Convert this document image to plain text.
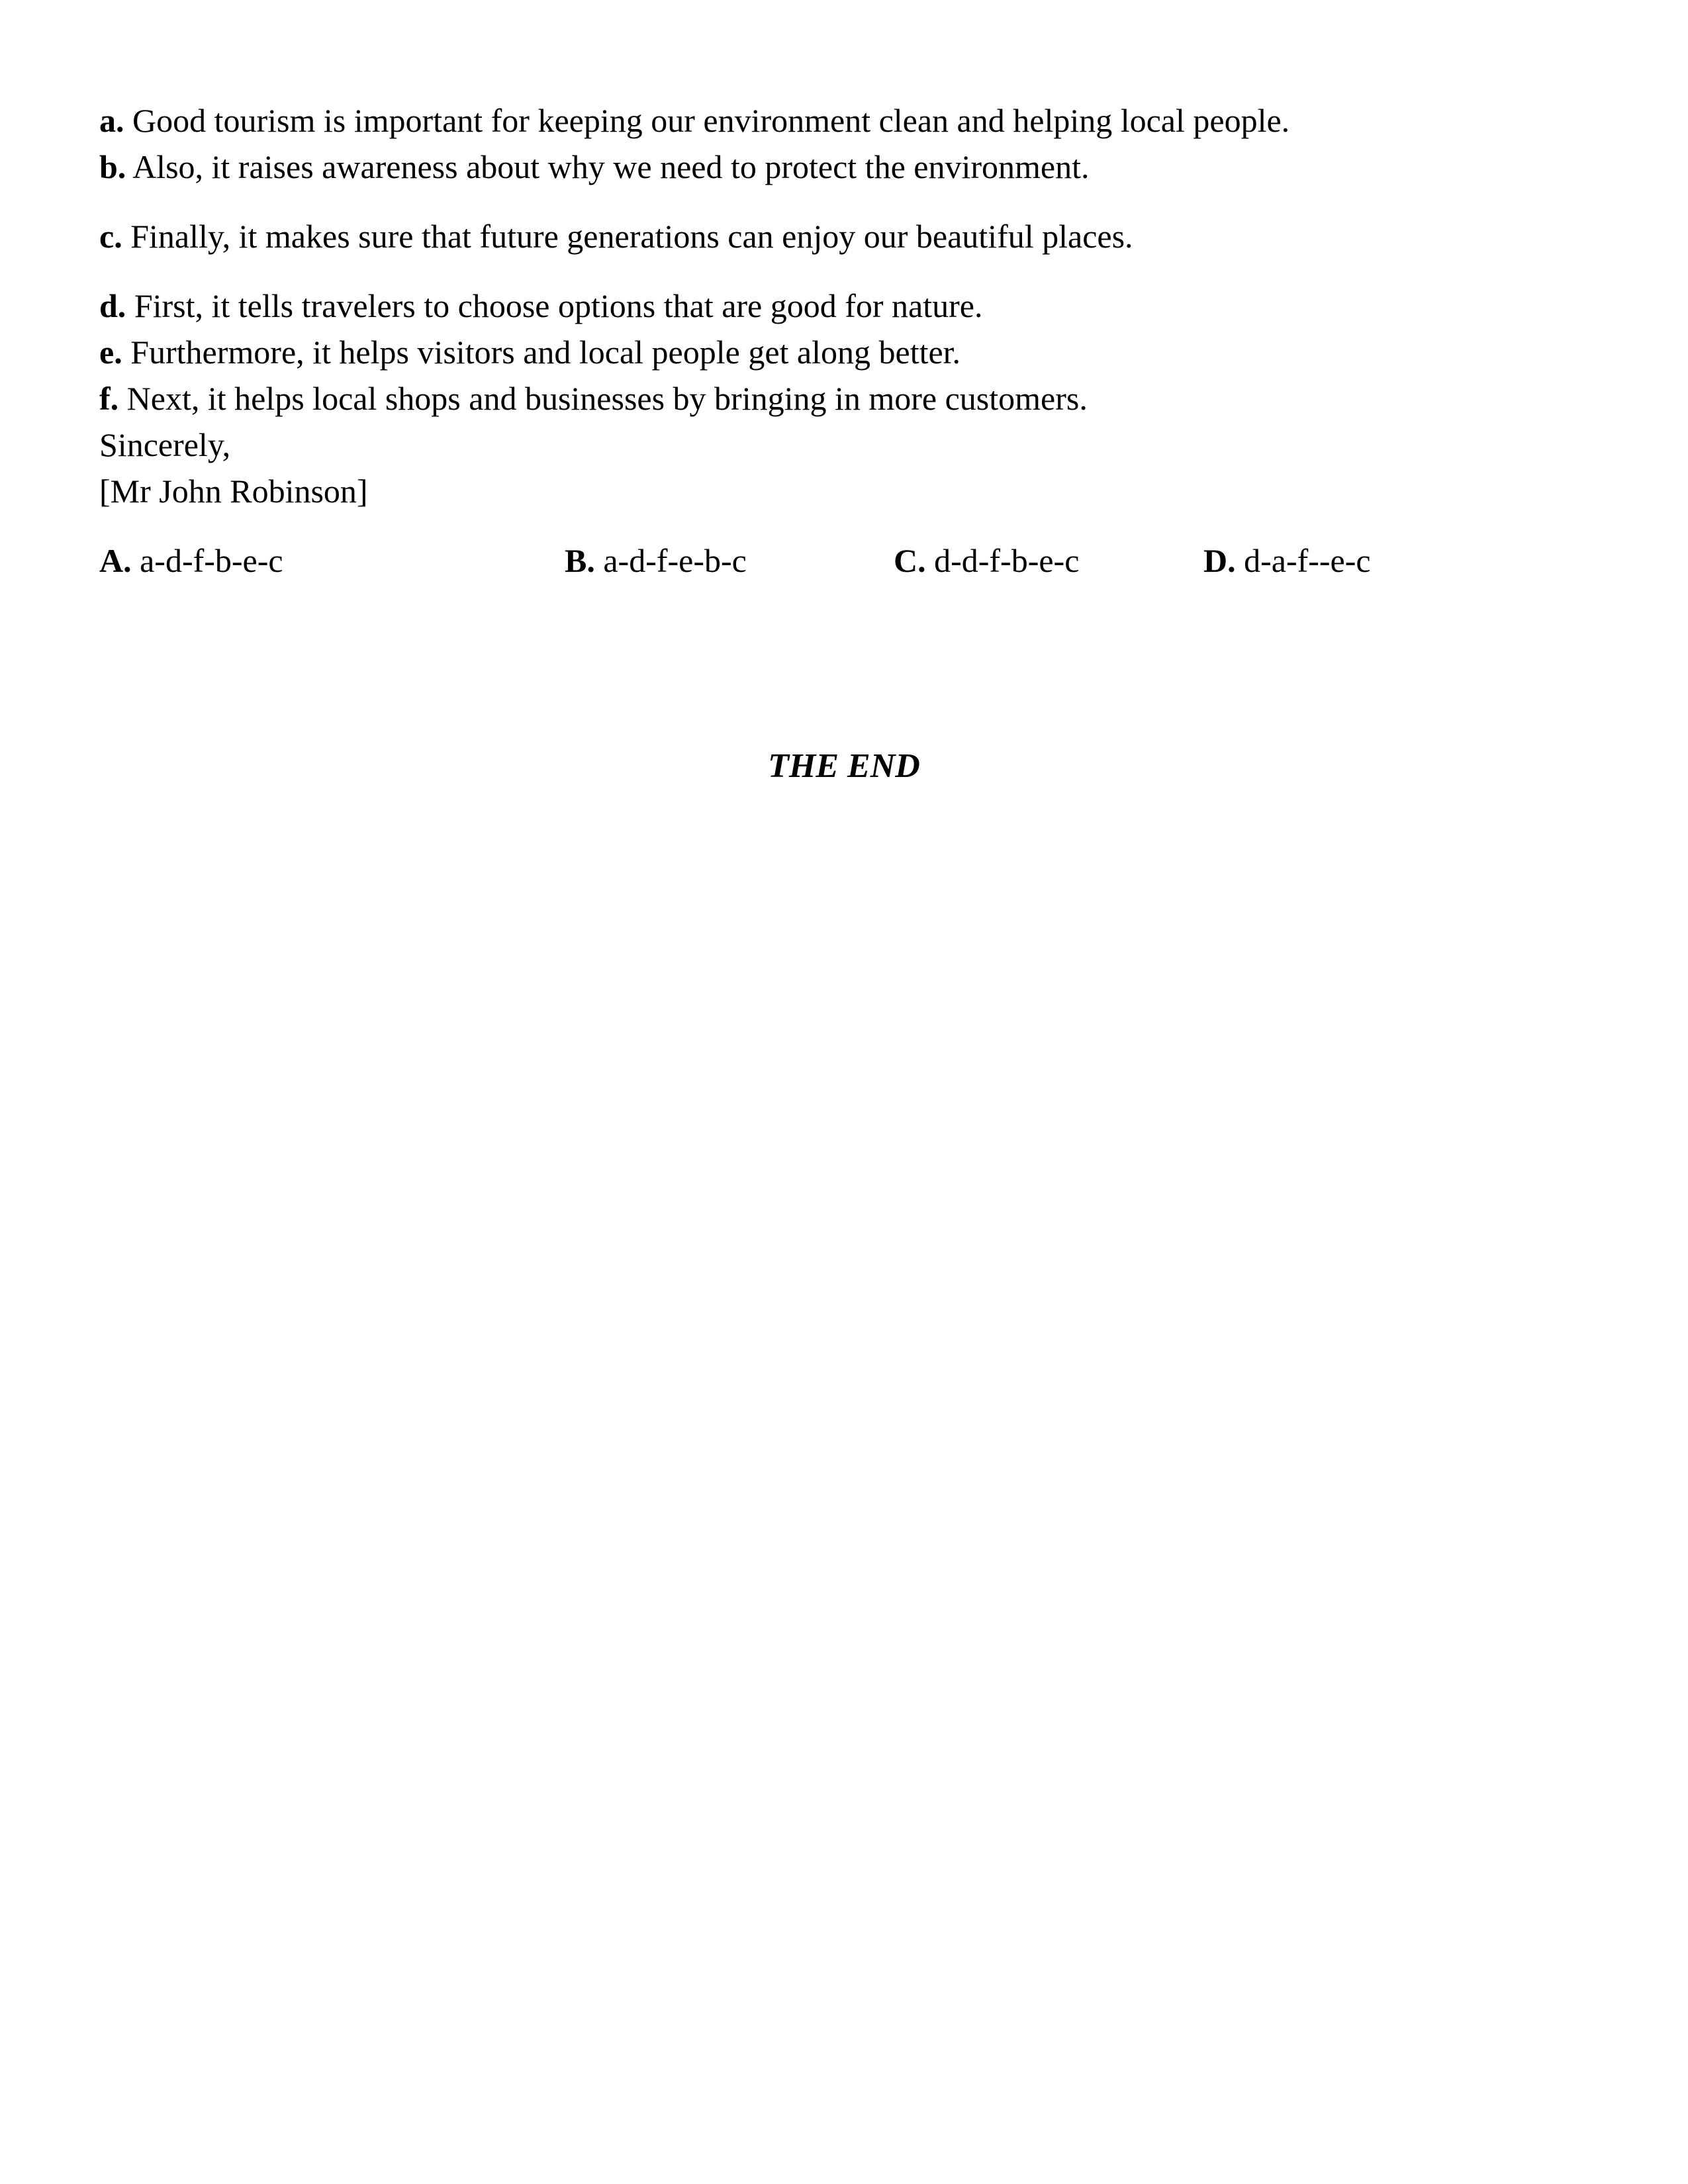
a. Good tourism is important for keeping our environment clean and helping local people.
b. Also, it raises awareness about why we need to protect the environment.
c. Finally, it makes sure that future generations can enjoy our beautiful places.
d. First, it tells travelers to choose options that are good for nature.
e. Furthermore, it helps visitors and local people get along better.
f. Next, it helps local shops and businesses by bringing in more customers.
Sincerely,
[Mr John Robinson]
A. a-d-f-b-e-c	B. a-d-f-e-b-c	C. d-d-f-b-e-c	D. d-a-f--e-c
THE END
